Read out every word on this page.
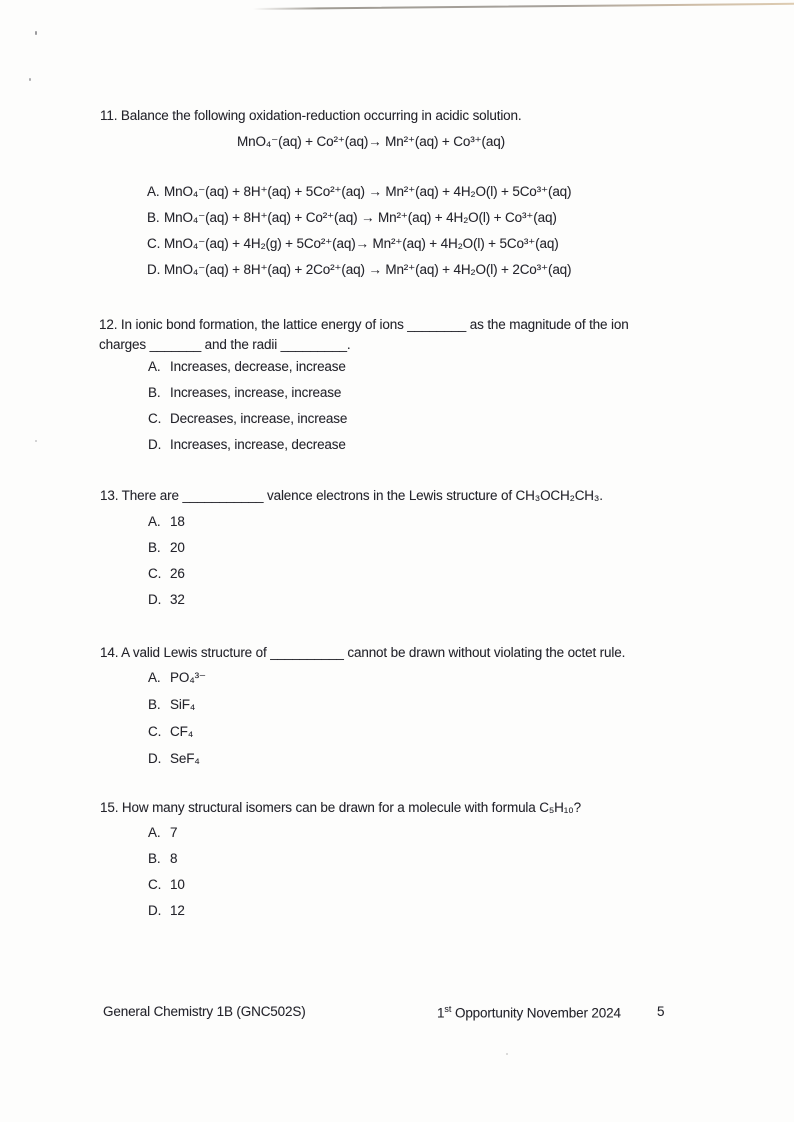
11. Balance the following oxidation-reduction occurring in acidic solution.
MnO₄⁻(aq) + Co²⁺(aq)→ Mn²⁺(aq) + Co³⁺(aq)
A. MnO₄⁻(aq) + 8H⁺(aq) + 5Co²⁺(aq) → Mn²⁺(aq) + 4H₂O(l) + 5Co³⁺(aq)
B. MnO₄⁻(aq) + 8H⁺(aq) + Co²⁺(aq) → Mn²⁺(aq) + 4H₂O(l) + Co³⁺(aq)
C. MnO₄⁻(aq) + 4H₂(g) + 5Co²⁺(aq)→ Mn²⁺(aq) + 4H₂O(l) + 5Co³⁺(aq)
D. MnO₄⁻(aq) + 8H⁺(aq) + 2Co²⁺(aq) → Mn²⁺(aq) + 4H₂O(l) + 2Co³⁺(aq)
12. In ionic bond formation, the lattice energy of ions ________ as the magnitude of the ion
charges _______ and the radii _________.
A. Increases, decrease, increase
B. Increases, increase, increase
C. Decreases, increase, increase
D. Increases, increase, decrease
13. There are ___________ valence electrons in the Lewis structure of CH₃OCH₂CH₃.
A. 18
B. 20
C. 26
D. 32
14. A valid Lewis structure of __________ cannot be drawn without violating the octet rule.
A. PO₄³⁻
B. SiF₄
C. CF₄
D. SeF₄
15. How many structural isomers can be drawn for a molecule with formula C₅H₁₀?
A. 7
B. 8
C. 10
D. 12
General Chemistry 1B (GNC502S)	1st Opportunity November 2024	5
